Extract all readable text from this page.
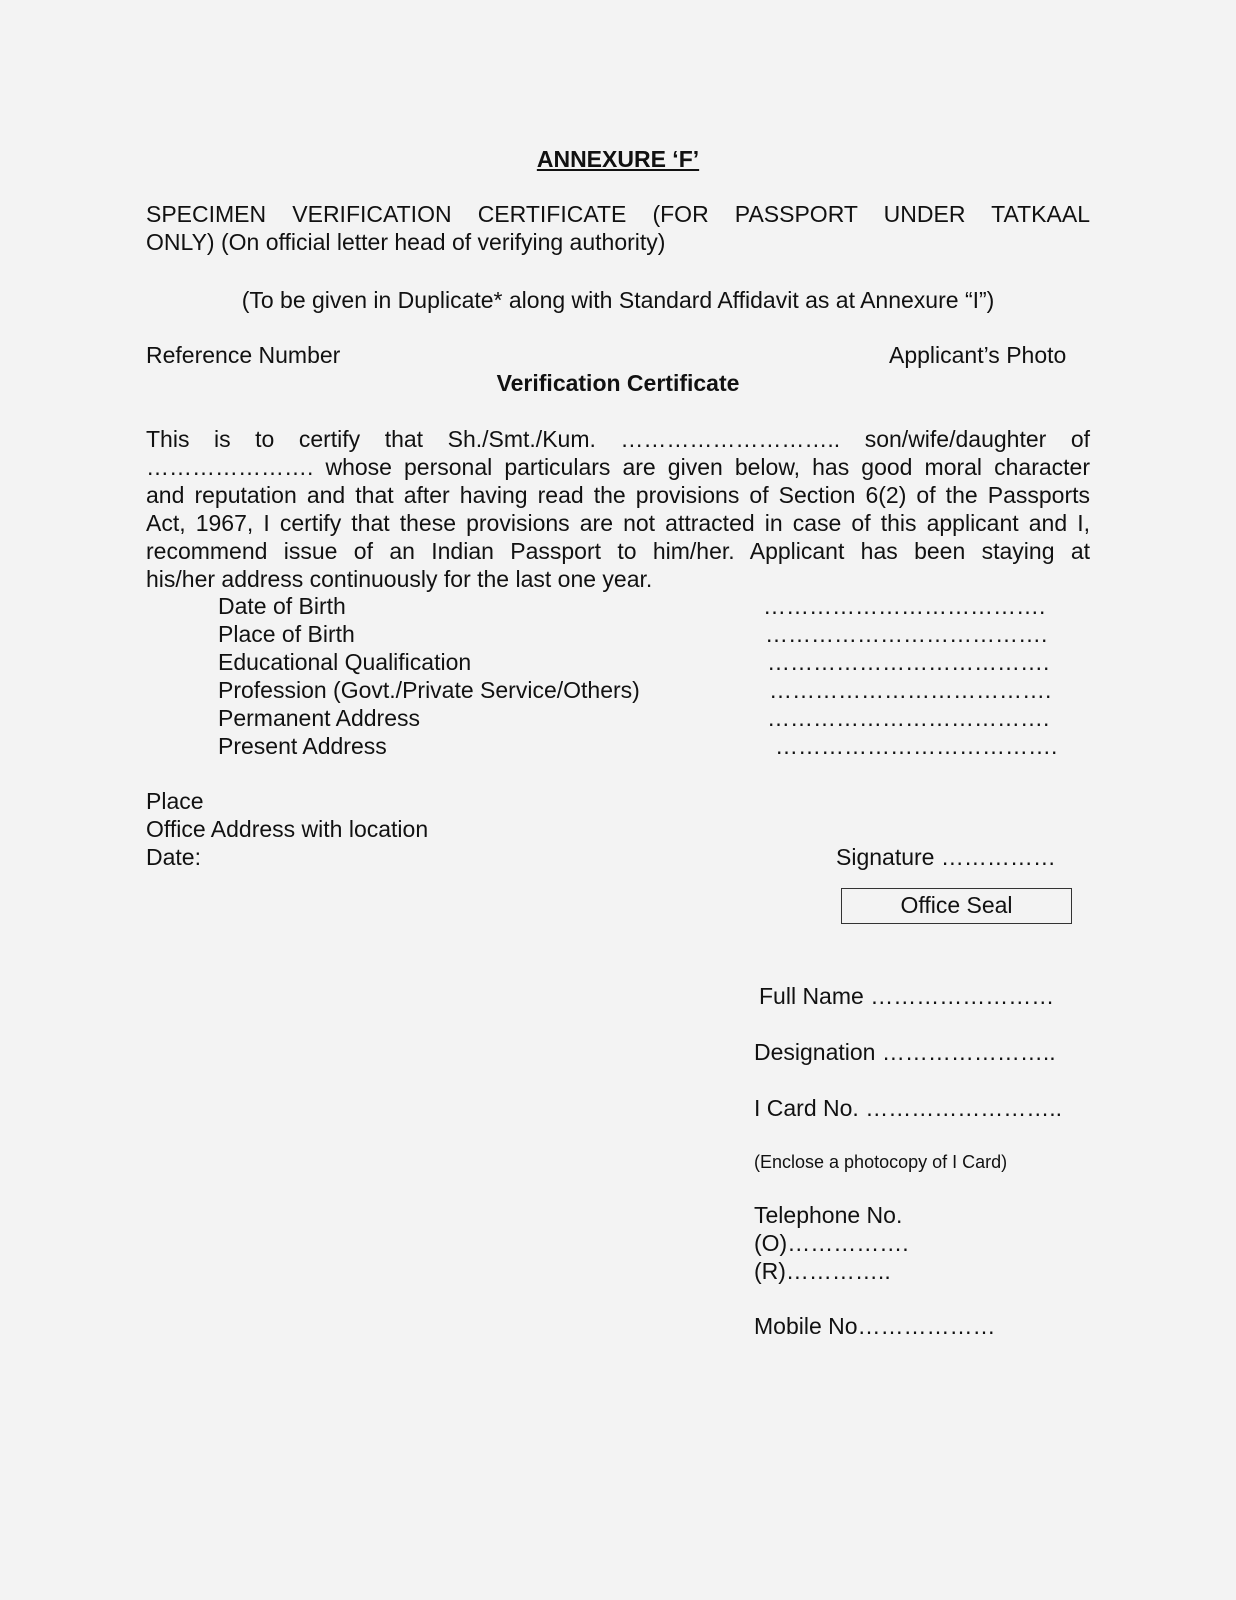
ANNEXURE ‘F’
SPECIMEN VERIFICATION CERTIFICATE (FOR PASSPORT UNDER TATKAAL
ONLY) (On official letter head of verifying authority)
(To be given in Duplicate* along with Standard Affidavit as at Annexure “I”)
Reference Number	Applicant’s Photo
Verification Certificate
This is to certify that Sh./Smt./Kum. ……………………….. son/wife/daughter of
…………………. whose personal particulars are given below, has good moral character
and reputation and that after having read the provisions of Section 6(2) of the Passports
Act, 1967, I certify that these provisions are not attracted in case of this applicant and I,
recommend issue of an Indian Passport to him/her. Applicant has been staying at
his/her address continuously for the last one year.
Date of Birth	……………………………….
Place of Birth	……………………………….
Educational Qualification	……………………………….
Profession (Govt./Private Service/Others)	……………………………….
Permanent Address	……………………………….
Present Address	……………………………….
Place
Office Address with location
Date:	Signature ……………
Office Seal
Full Name ……………………
Designation …………………..
I Card No. ……………………..
(Enclose a photocopy of I Card)
Telephone No.
(O)…………….
(R)…………..
Mobile No………………
